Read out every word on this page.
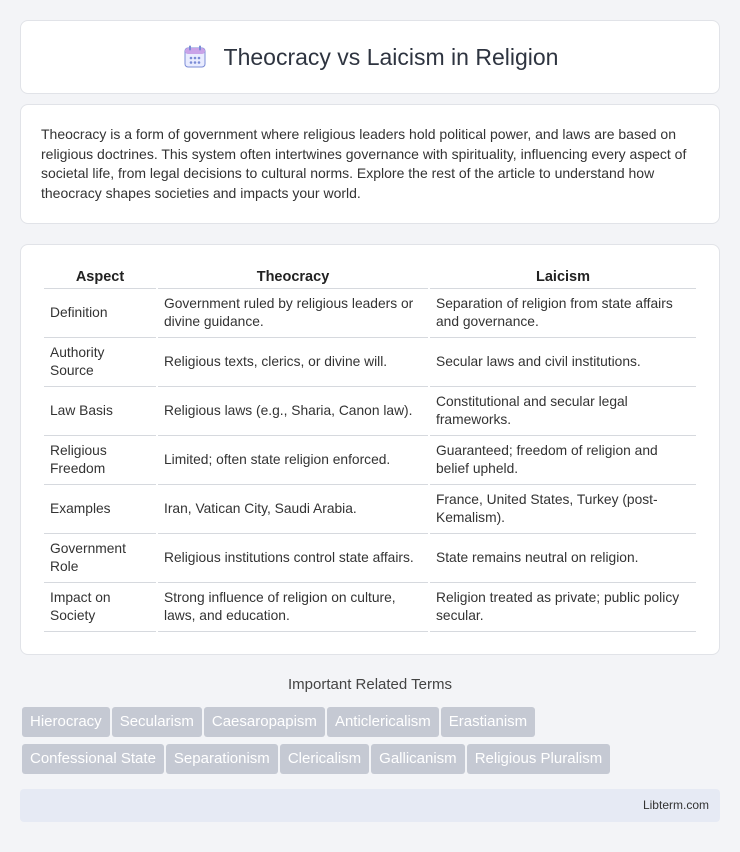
Theocracy vs Laicism in Religion

Theocracy is a form of government where religious leaders hold political power, and laws are based on religious doctrines. This system often intertwines governance with spirituality, influencing every aspect of societal life, from legal decisions to cultural norms. Explore the rest of the article to understand how theocracy shapes societies and impacts your world.

Aspect	Theocracy	Laicism
Definition	Government ruled by religious leaders or divine guidance.	Separation of religion from state affairs and governance.
Authority Source	Religious texts, clerics, or divine will.	Secular laws and civil institutions.
Law Basis	Religious laws (e.g., Sharia, Canon law).	Constitutional and secular legal frameworks.
Religious Freedom	Limited; often state religion enforced.	Guaranteed; freedom of religion and belief upheld.
Examples	Iran, Vatican City, Saudi Arabia.	France, United States, Turkey (post-Kemalism).
Government Role	Religious institutions control state affairs.	State remains neutral on religion.
Impact on Society	Strong influence of religion on culture, laws, and education.	Religion treated as private; public policy secular.
Important Related Terms
Hierocracy Secularism Caesaropapism Anticlericalism Erastianism
Confessional State Separationism Clericalism Gallicanism Religious Pluralism
Libterm.com
